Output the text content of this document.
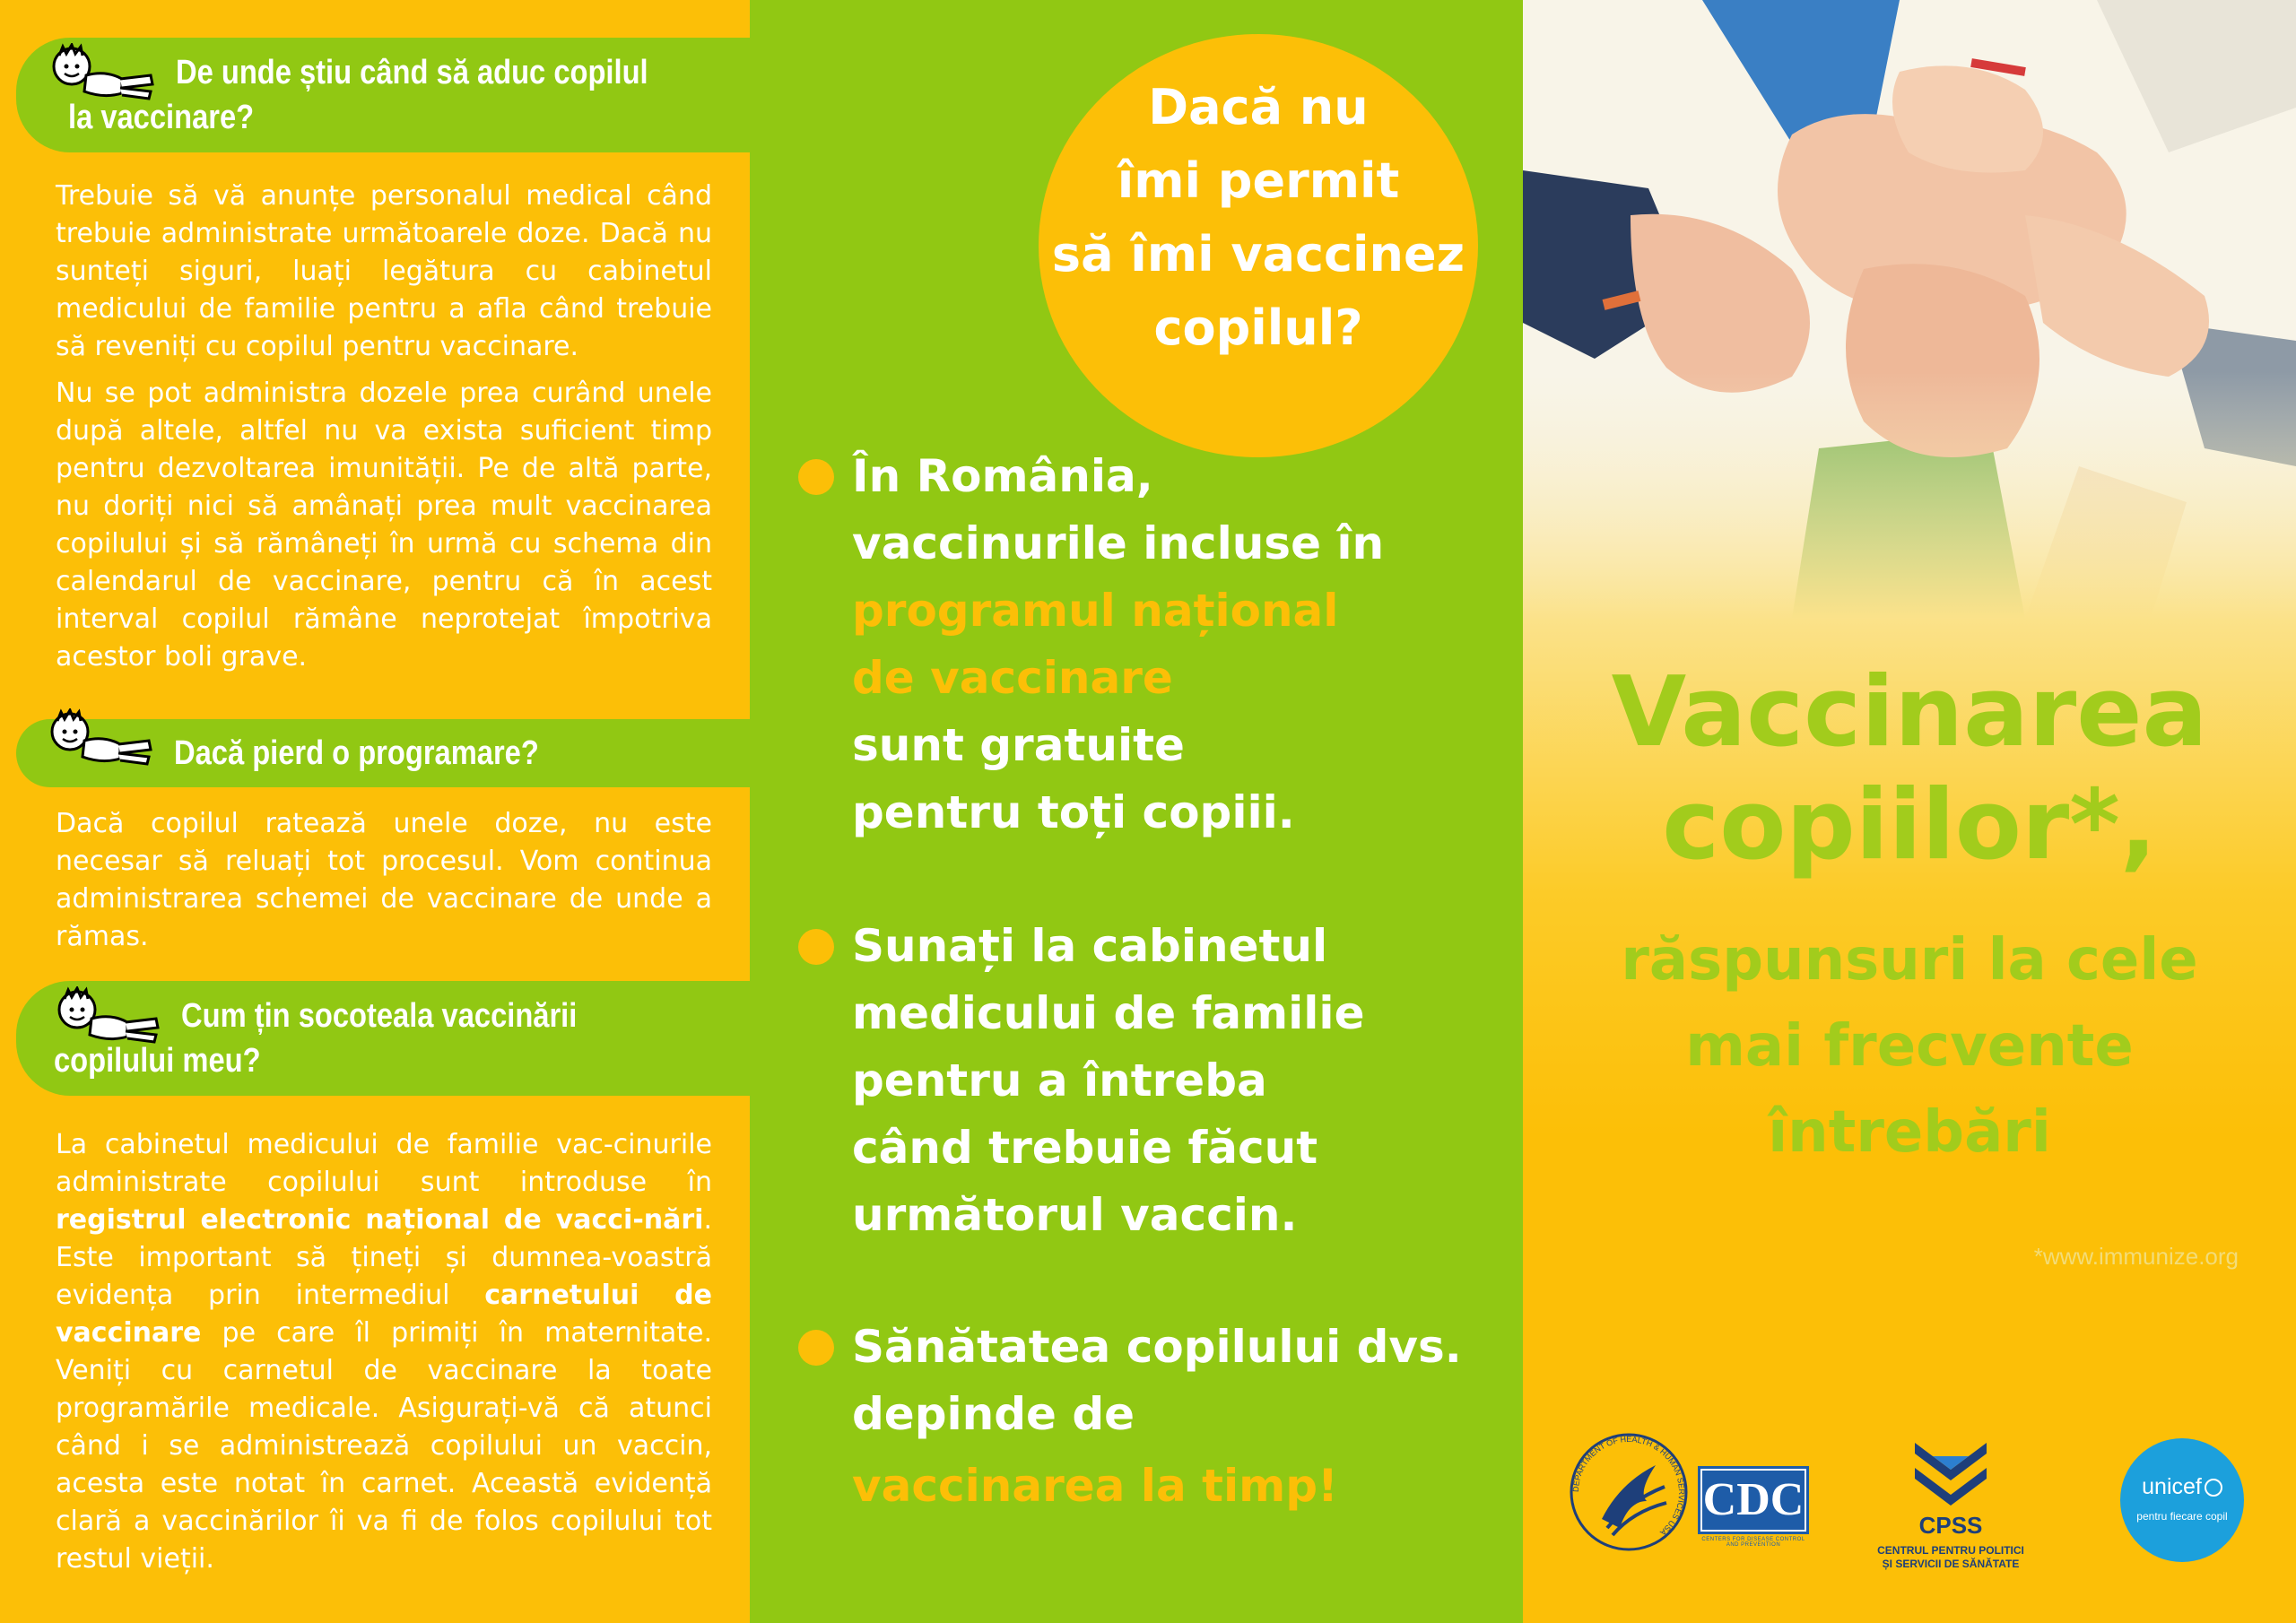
De unde știu când să aduc copilul
la vaccinare?

Trebuie să vă anunțe personalul medical când trebuie administrate următoarele doze. Dacă nu sunteți siguri, luați legătura cu cabinetul medicului de familie pentru a afla când trebuie să reveniți cu copilul pentru vaccinare.

Nu se pot administra dozele prea curând unele după altele, altfel nu va exista suficient timp pentru dezvoltarea imunității. Pe de altă parte, nu doriți nici să amânați prea mult vaccinarea copilului și să rămâneți în urmă cu schema din calendarul de vaccinare, pentru că în acest interval copilul rămâne neprotejat împotriva acestor boli grave.

Dacă pierd o programare?

Dacă copilul ratează unele doze, nu este necesar să reluați tot procesul. Vom continua administrarea schemei de vaccinare de unde a rămas.

Cum țin socoteala vaccinării
copilului meu?

La cabinetul medicului de familie vac-cinurile administrate copilului sunt introduse în registrul electronic național de vacci-nări. Este important să țineți și dumnea-voastră evidența prin intermediul carnetului de vaccinare pe care îl primiți în maternitate. Veniți cu carnetul de vaccinare la toate programările medicale. Asigurați-vă că atunci când i se administrează copilului un vaccin, acesta este notat în carnet. Această evidență clară a vaccinărilor îi va fi de folos copilului tot restul vieții.

Dacă nu
îmi permit
să îmi vaccinez
copilul?
În România,
vaccinurile incluse în
programul național
de vaccinare
sunt gratuite
pentru toți copiii.
Sunați la cabinetul
medicului de familie
pentru a întreba
când trebuie făcut
următorul vaccin.
Sănătatea copilului dvs.
depinde de
vaccinarea la timp!
Vaccinarea
copiilor*,
răspunsuri la cele
mai frecvente
întrebări
*www.immunize.org
DEPARTMENT OF HEALTH & HUMAN SERVICES USA
CDC
CENTERS FOR DISEASE CONTROL AND PREVENTION
CPSS
CENTRUL PENTRU POLITICI
ȘI SERVICII DE SĂNĂTATE
unicef
pentru fiecare copil
